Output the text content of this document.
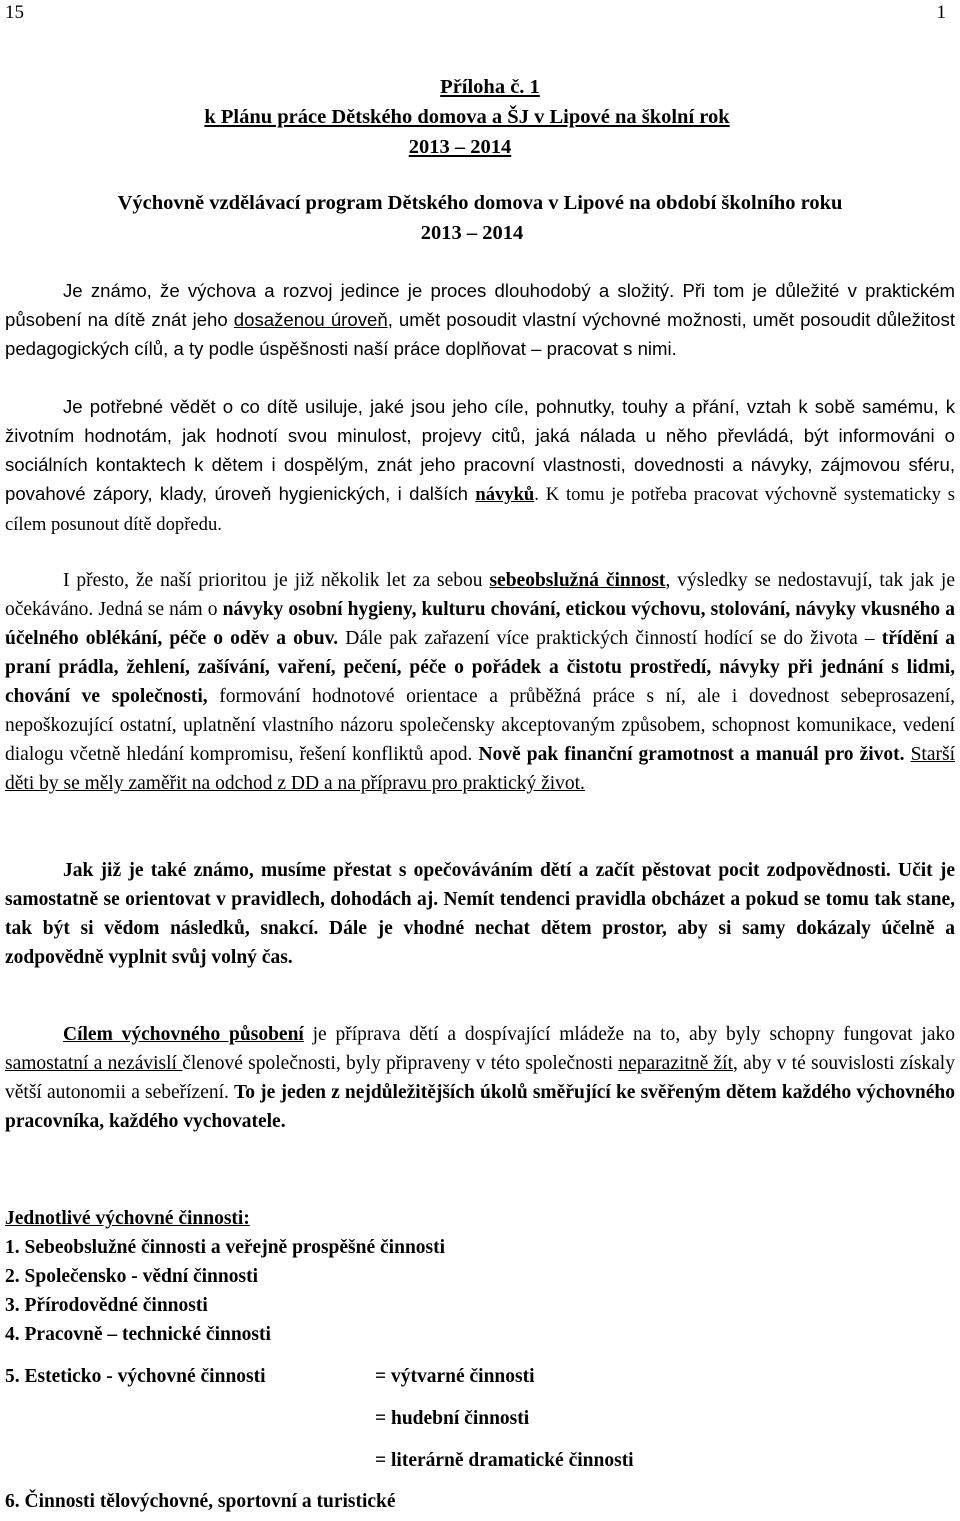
15	1
Příloha č. 1
k Plánu práce Dětského domova a ŠJ v Lipové na školní rok
2013 – 2014
Výchovně vzdělávací program Dětského domova v Lipové na období školního roku
2013 – 2014

Je známo, že výchova a rozvoj jedince je proces dlouhodobý a složitý. Při tom je důležité v praktickém působení na dítě znát jeho dosaženou úroveň, umět posoudit vlastní výchovné možnosti, umět posoudit důležitost pedagogických cílů, a ty podle úspěšnosti naší práce doplňovat – pracovat s nimi.

Je potřebné vědět o co dítě usiluje, jaké jsou jeho cíle, pohnutky, touhy a přání, vztah k sobě samému, k životním hodnotám, jak hodnotí svou minulost, projevy citů, jaká nálada u něho převládá, být informováni o sociálních kontaktech k dětem i dospělým, znát jeho pracovní vlastnosti, dovednosti a návyky, zájmovou sféru, povahové zápory, klady, úroveň hygienických, i dalších návyků. K tomu je potřeba pracovat výchovně systematicky s cílem posunout dítě dopředu.

I přesto, že naší prioritou je již několik let za sebou sebeobslužná činnost, výsledky se nedostavují, tak jak je očekáváno. Jedná se nám o návyky osobní hygieny, kulturu chování, etickou výchovu, stolování, návyky vkusného a účelného oblékání, péče o oděv a obuv. Dále pak zařazení více praktických činností hodící se do života – třídění a praní prádla, žehlení, zašívání, vaření, pečení, péče o pořádek a čistotu prostředí, návyky při jednání s lidmi, chování ve společnosti, formování hodnotové orientace a průběžná práce s ní, ale i dovednost sebeprosazení, nepoškozující ostatní, uplatnění vlastního názoru společensky akceptovaným způsobem, schopnost komunikace, vedení dialogu včetně hledání kompromisu, řešení konfliktů apod. Nově pak finanční gramotnost a manuál pro život. Starší děti by se měly zaměřit na odchod z DD a na přípravu pro praktický život.

Jak již je také známo, musíme přestat s opečováváním dětí a začít pěstovat pocit zodpovědnosti. Učit je samostatně se orientovat v pravidlech, dohodách aj. Nemít tendenci pravidla obcházet a pokud se tomu tak stane, tak být si vědom následků, snakcí. Dále je vhodné nechat dětem prostor, aby si samy dokázaly účelně a zodpovědně vyplnit svůj volný čas.

Cílem výchovného působení je příprava dětí a dospívající mládeže na to, aby byly schopny fungovat jako samostatní a nezávislí členové společnosti, byly připraveny v této společnosti neparazitně žít, aby v té souvislosti získaly větší autonomii a sebeřízení. To je jeden z nejdůležitějších úkolů směřující ke svěřeným dětem každého výchovného pracovníka, každého vychovatele.

Jednotlivé výchovné činnosti:

1. Sebeobslužné činnosti a veřejně prospěšné činnosti

2. Společensko - vědní činnosti

3. Přírodovědné činnosti

4. Pracovně – technické činnosti

5. Esteticko - výchovné činnosti	= výtvarné činnosti

= hudební činnosti

= literárně dramatické činnosti

6. Činnosti tělovýchovné, sportovní a turistické
